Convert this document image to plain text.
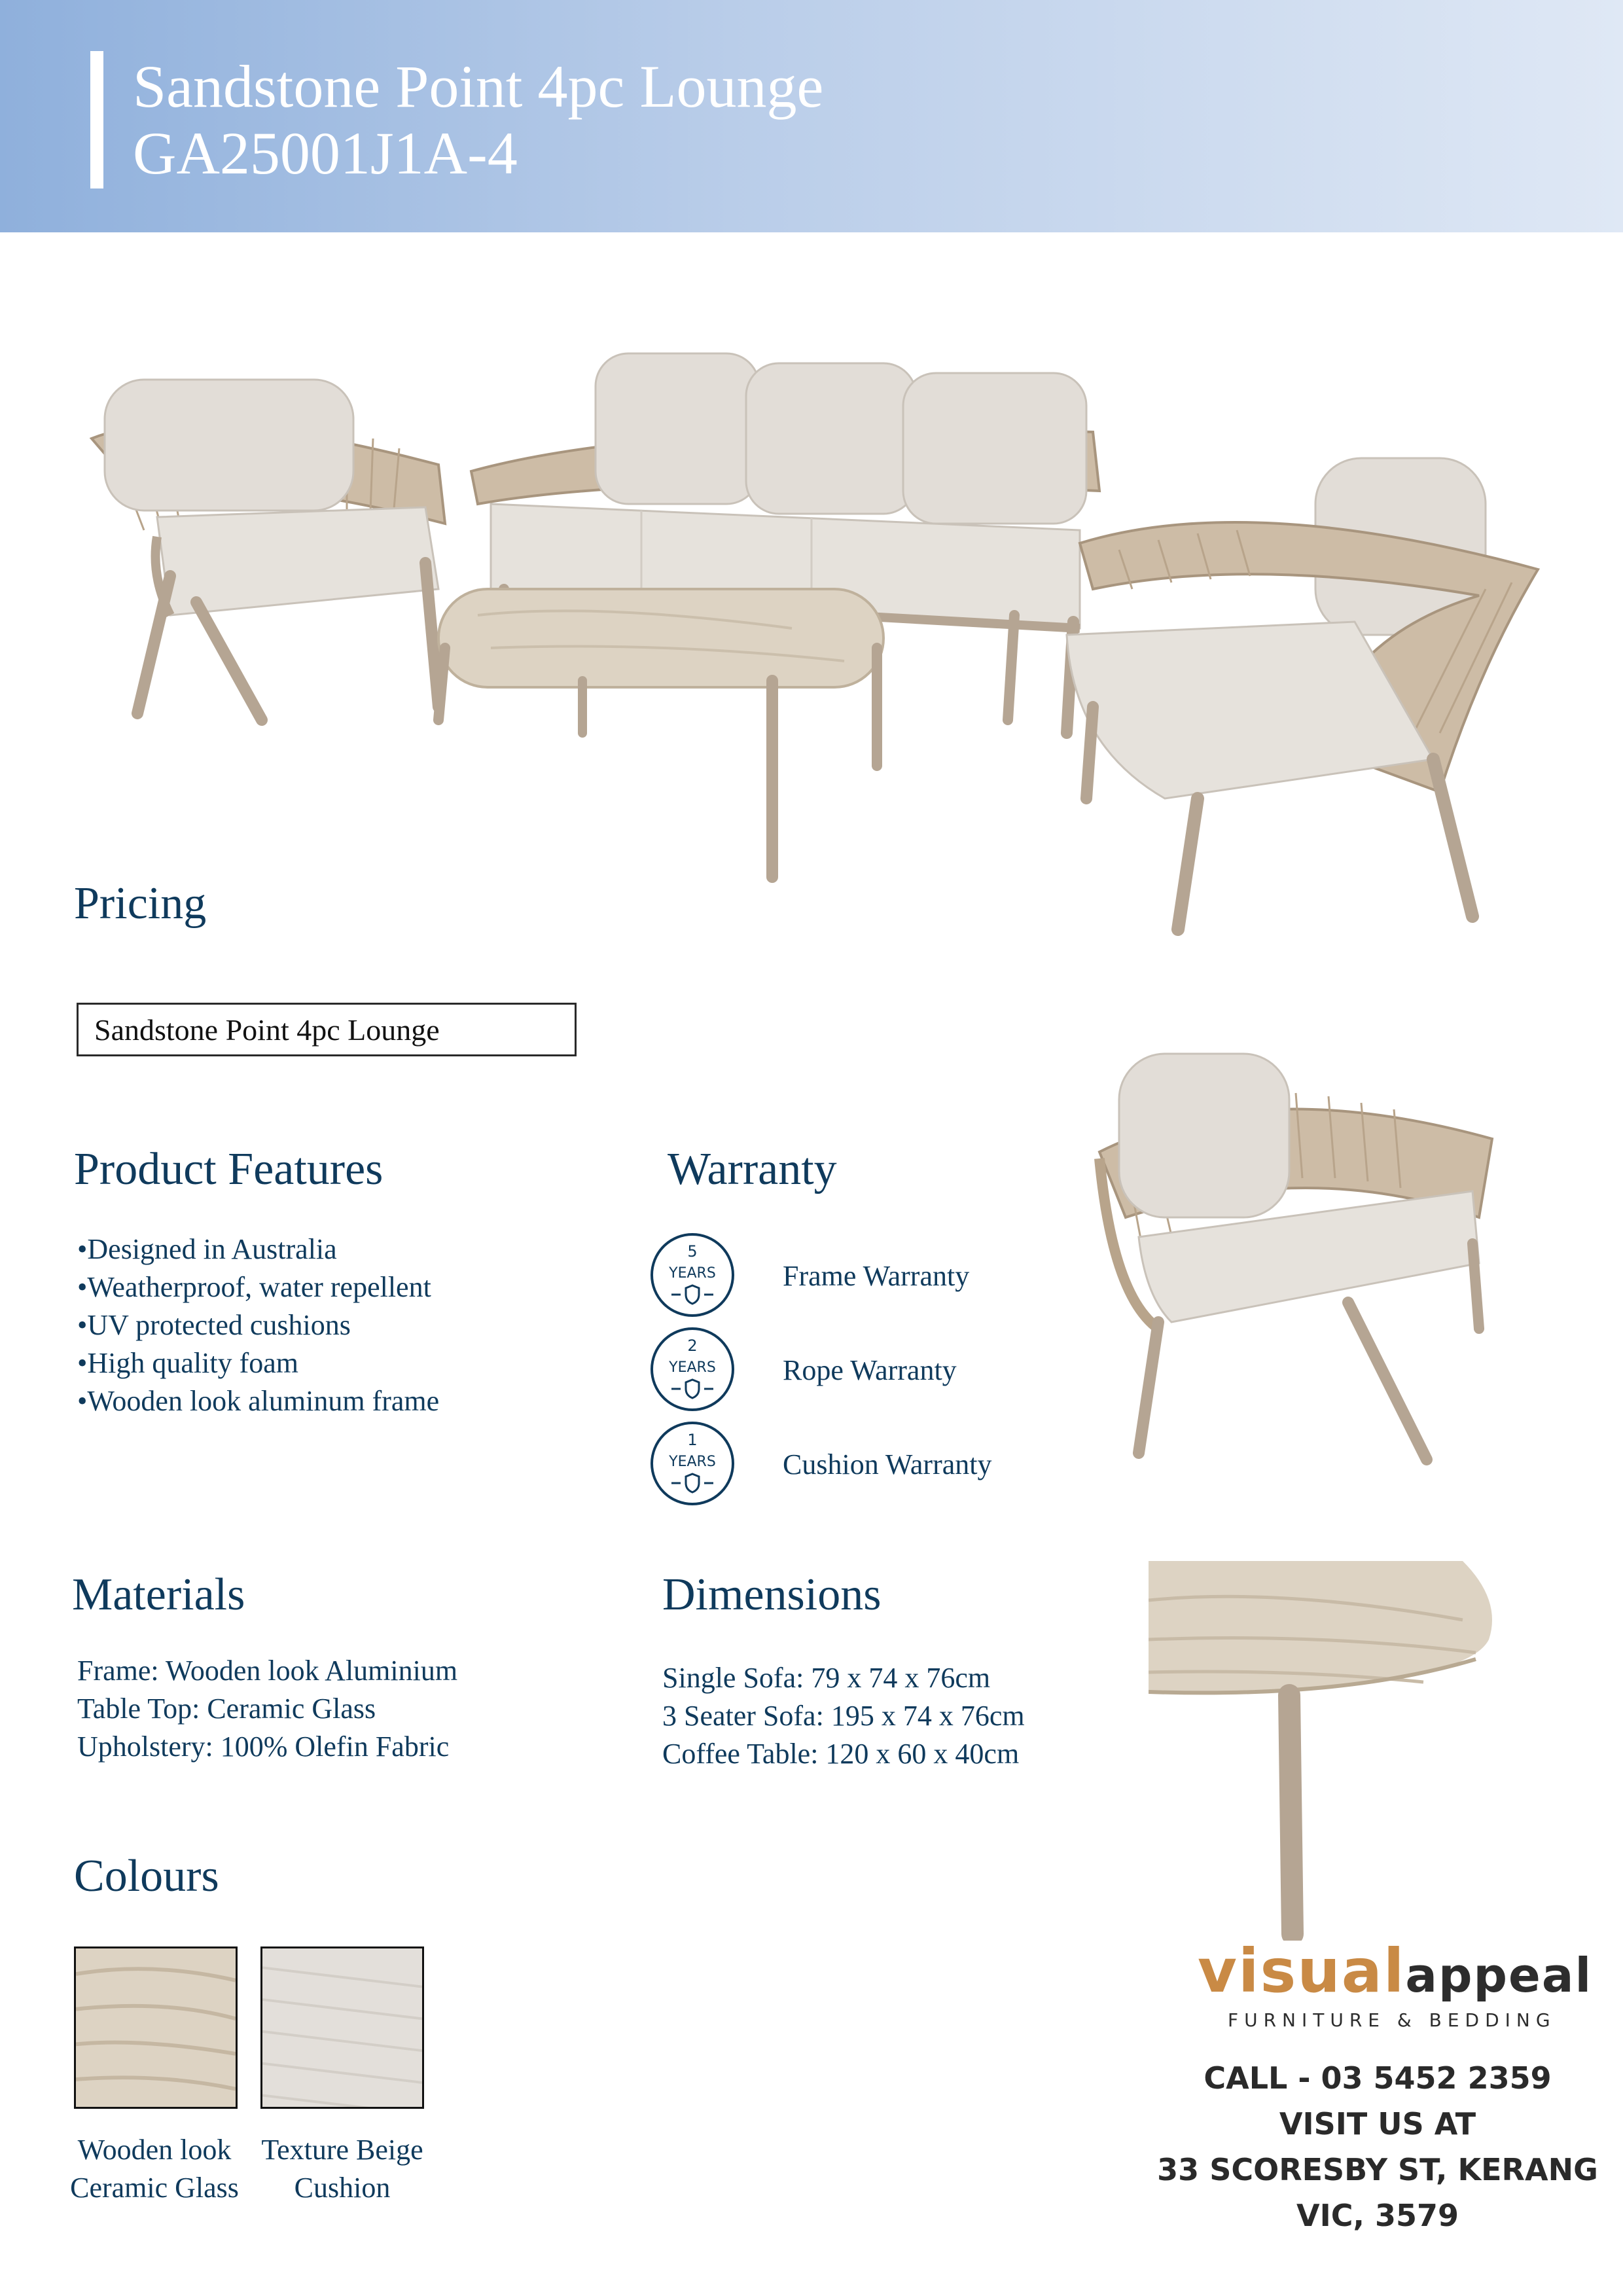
Sandstone Point 4pc Lounge
GA25001J1A-4
Pricing
Sandstone Point 4pc Lounge
Product Features
• Designed in Australia
• Weatherproof, water repellent
• UV protected cushions
• High quality foam
• Wooden look aluminum frame
Warranty
5
YEARS Frame Warranty
2
YEARS Rope Warranty
1
YEARS Cushion Warranty
Materials
Frame: Wooden look Aluminium
Table Top: Ceramic Glass
Upholstery: 100% Olefin Fabric
Dimensions
Single Sofa: 79 x 74 x 76cm
3 Seater Sofa: 195 x 74 x 76cm
Coffee Table: 120 x 60 x 40cm
Colours
Wooden look
Ceramic Glass
Texture Beige
Cushion
visualappeal
FURNITURE & BEDDING
CALL - 03 5452 2359
VISIT US AT
33 SCORESBY ST, KERANG
VIC, 3579
